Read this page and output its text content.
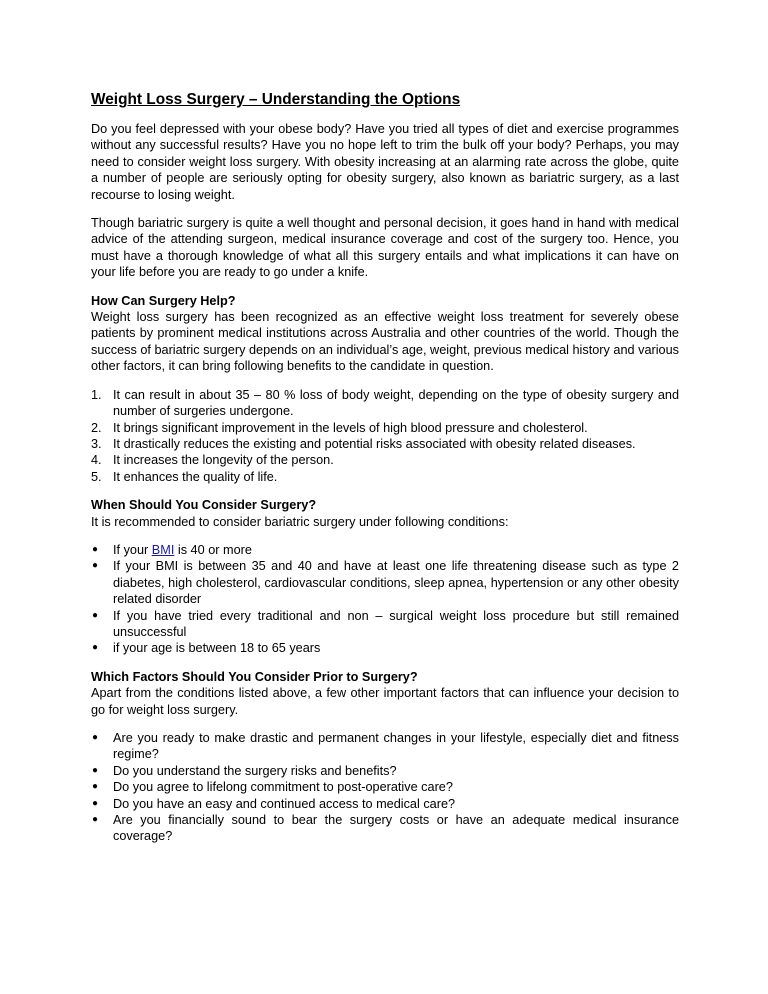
Weight Loss Surgery – Understanding the Options

Do you feel depressed with your obese body? Have you tried all types of diet and exercise programmes without any successful results? Have you no hope left to trim the bulk off your body? Perhaps, you may need to consider weight loss surgery. With obesity increasing at an alarming rate across the globe, quite a number of people are seriously opting for obesity surgery, also known as bariatric surgery, as a last recourse to losing weight.

Though bariatric surgery is quite a well thought and personal decision, it goes hand in hand with medical advice of the attending surgeon, medical insurance coverage and cost of the surgery too. Hence, you must have a thorough knowledge of what all this surgery entails and what implications it can have on your life before you are ready to go under a knife.

How Can Surgery Help?
Weight loss surgery has been recognized as an effective weight loss treatment for severely obese patients by prominent medical institutions across Australia and other countries of the world. Though the success of bariatric surgery depends on an individual’s age, weight, previous medical history and various other factors, it can bring following benefits to the candidate in question.
1. It can result in about 35 – 80 % loss of body weight, depending on the type of obesity surgery and number of surgeries undergone.
2. It brings significant improvement in the levels of high blood pressure and cholesterol.
3. It drastically reduces the existing and potential risks associated with obesity related diseases.
4. It increases the longevity of the person.
5. It enhances the quality of life.
When Should You Consider Surgery?
It is recommended to consider bariatric surgery under following conditions:
● If your BMI is 40 or more
● If your BMI is between 35 and 40 and have at least one life threatening disease such as type 2 diabetes, high cholesterol, cardiovascular conditions, sleep apnea, hypertension or any other obesity related disorder
● If you have tried every traditional and non – surgical weight loss procedure but still remained unsuccessful
● if your age is between 18 to 65 years
Which Factors Should You Consider Prior to Surgery?
Apart from the conditions listed above, a few other important factors that can influence your decision to go for weight loss surgery.
● Are you ready to make drastic and permanent changes in your lifestyle, especially diet and fitness regime?
● Do you understand the surgery risks and benefits?
● Do you agree to lifelong commitment to post-operative care?
● Do you have an easy and continued access to medical care?
● Are you financially sound to bear the surgery costs or have an adequate medical insurance coverage?
